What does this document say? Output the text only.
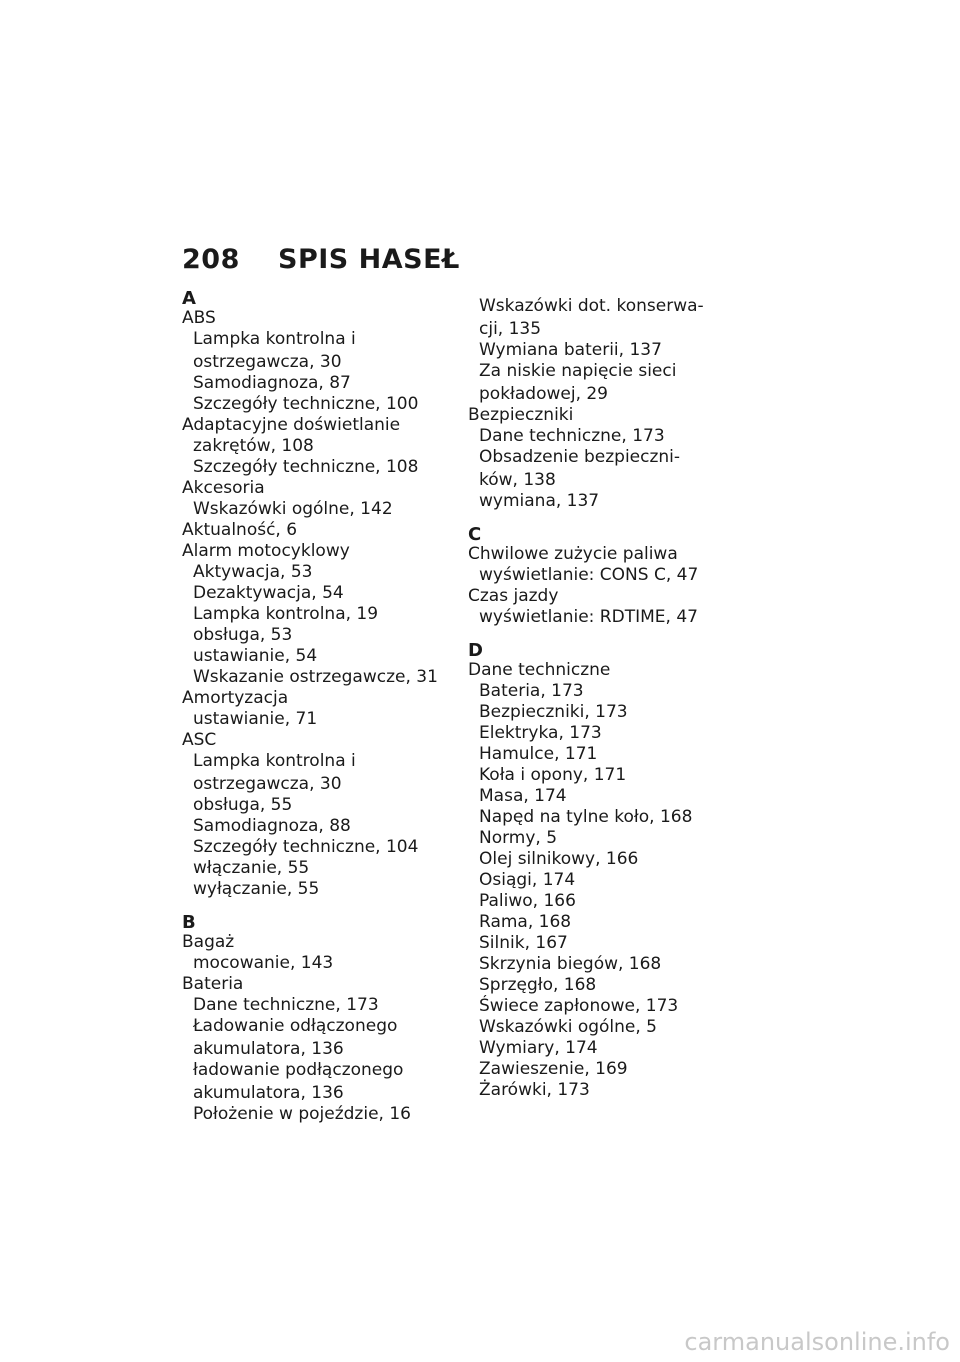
208 SPIS HASEŁ
A
ABS
Lampka kontrolna i
ostrzegawcza, 30
Samodiagnoza, 87
Szczegóły techniczne, 100
Adaptacyjne doświetlanie
zakrętów, 108
Szczegóły techniczne, 108
Akcesoria
Wskazówki ogólne, 142
Aktualność, 6
Alarm motocyklowy
Aktywacja, 53
Dezaktywacja, 54
Lampka kontrolna, 19
obsługa, 53
ustawianie, 54
Wskazanie ostrzegawcze, 31
Amortyzacja
ustawianie, 71
ASC
Lampka kontrolna i
ostrzegawcza, 30
obsługa, 55
Samodiagnoza, 88
Szczegóły techniczne, 104
włączanie, 55
wyłączanie, 55
B
Bagaż
mocowanie, 143
Bateria
Dane techniczne, 173
Ładowanie odłączonego
akumulatora, 136
ładowanie podłączonego
akumulatora, 136
Położenie w pojeździe, 16
Wskazówki dot. konserwa-
cji, 135
Wymiana baterii, 137
Za niskie napięcie sieci
pokładowej, 29
Bezpieczniki
Dane techniczne, 173
Obsadzenie bezpieczni-
ków, 138
wymiana, 137
C
Chwilowe zużycie paliwa
wyświetlanie: CONS C, 47
Czas jazdy
wyświetlanie: RDTIME, 47
D
Dane techniczne
Bateria, 173
Bezpieczniki, 173
Elektryka, 173
Hamulce, 171
Koła i opony, 171
Masa, 174
Napęd na tylne koło, 168
Normy, 5
Olej silnikowy, 166
Osiągi, 174
Paliwo, 166
Rama, 168
Silnik, 167
Skrzynia biegów, 168
Sprzęgło, 168
Świece zapłonowe, 173
Wskazówki ogólne, 5
Wymiary, 174
Zawieszenie, 169
Żarówki, 173
carmanualsonline.info
